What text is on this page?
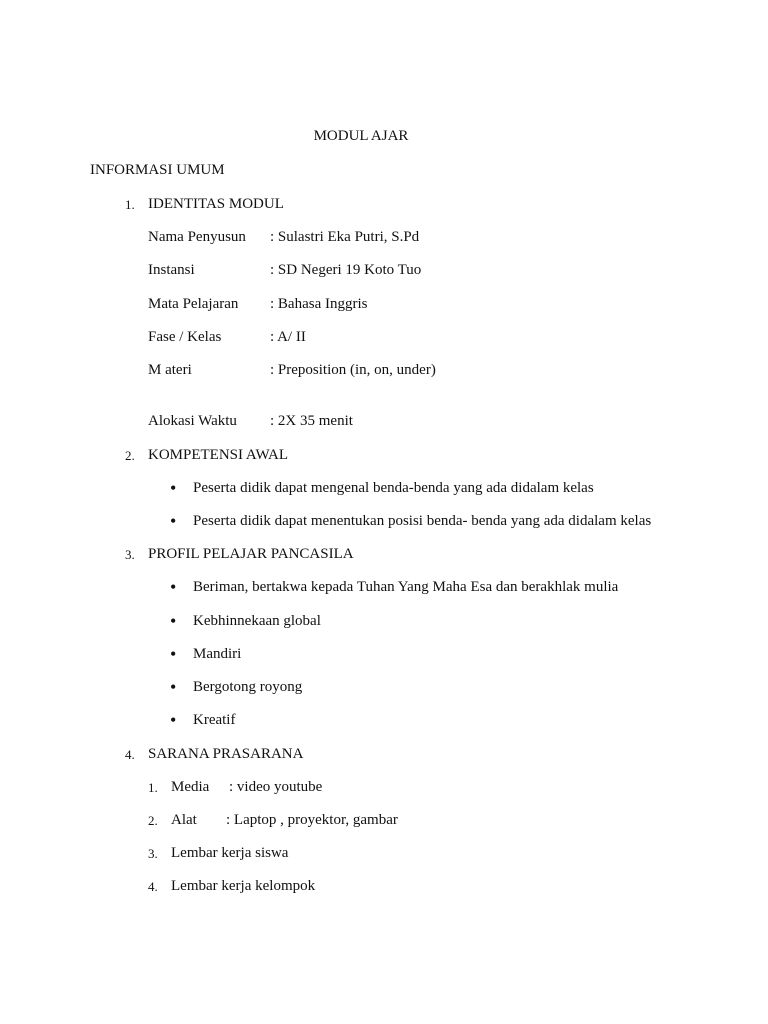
MODUL AJAR
INFORMASI UMUM
1. IDENTITAS MODUL
Nama Penyusun : Sulastri Eka Putri, S.Pd
Instansi	: SD Negeri 19 Koto Tuo
Mata Pelajaran : Bahasa Inggris
Fase / Kelas	: A/ II
M ateri	: Preposition (in, on, under)
Alokasi Waktu : 2X 35 menit
2. KOMPETENSI AWAL
• Peserta didik dapat mengenal benda-benda yang ada didalam kelas
• Peserta didik dapat menentukan posisi benda- benda yang ada didalam kelas
3. PROFIL PELAJAR PANCASILA
• Beriman, bertakwa kepada Tuhan Yang Maha Esa dan berakhlak mulia
• Kebhinnekaan global
• Mandiri
• Bergotong royong
• Kreatif
4. SARANA PRASARANA
1. Media : video youtube
2. Alat : Laptop , proyektor, gambar
3. Lembar kerja siswa
4. Lembar kerja kelompok
